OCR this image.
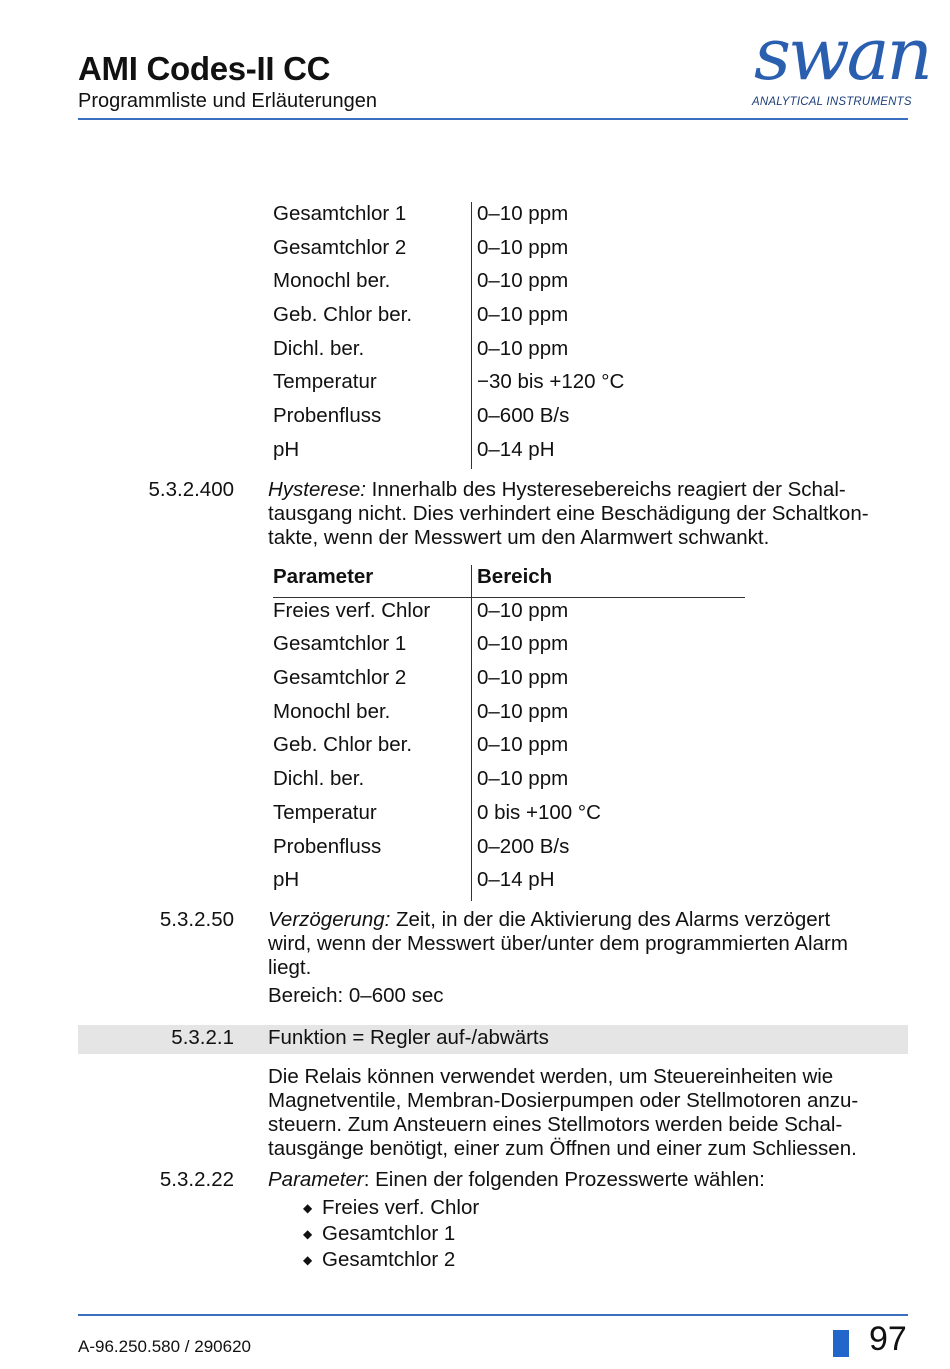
AMI Codes-II CC
Programmliste und Erläuterungen
swan
ANALYTICAL INSTRUMENTS
Gesamtchlor 1	0–10 ppm
Gesamtchlor 2	0–10 ppm
Monochl ber.	0–10 ppm
Geb. Chlor ber.	0–10 ppm
Dichl. ber.	0–10 ppm
Temperatur	−30 bis +120 °C
Probenfluss	0–600 B/s
pH	0–14 pH
5.3.2.400 Hysterese: Innerhalb des Hysteresebereichs reagiert der Schal-
tausgang nicht. Dies verhindert eine Beschädigung der Schaltkon-
takte, wenn der Messwert um den Alarmwert schwankt.
Parameter	Bereich
Freies verf. Chlor 0–10 ppm
Gesamtchlor 1	0–10 ppm
Gesamtchlor 2	0–10 ppm
Monochl ber.	0–10 ppm
Geb. Chlor ber.	0–10 ppm
Dichl. ber.	0–10 ppm
Temperatur	0 bis +100 °C
Probenfluss	0–200 B/s
pH	0–14 pH
5.3.2.50 Verzögerung: Zeit, in der die Aktivierung des Alarms verzögert
wird, wenn der Messwert über/unter dem programmierten Alarm
liegt.
Bereich: 0–600 sec
5.3.2.1 Funktion = Regler auf-/abwärts
Die Relais können verwendet werden, um Steuereinheiten wie
Magnetventile, Membran-Dosierpumpen oder Stellmotoren anzu-
steuern. Zum Ansteuern eines Stellmotors werden beide Schal-
tausgänge benötigt, einer zum Öffnen und einer zum Schliessen.
5.3.2.22 Parameter: Einen der folgenden Prozesswerte wählen:
◆ Freies verf. Chlor
◆ Gesamtchlor 1
◆ Gesamtchlor 2
A-96.250.580 / 290620	97
